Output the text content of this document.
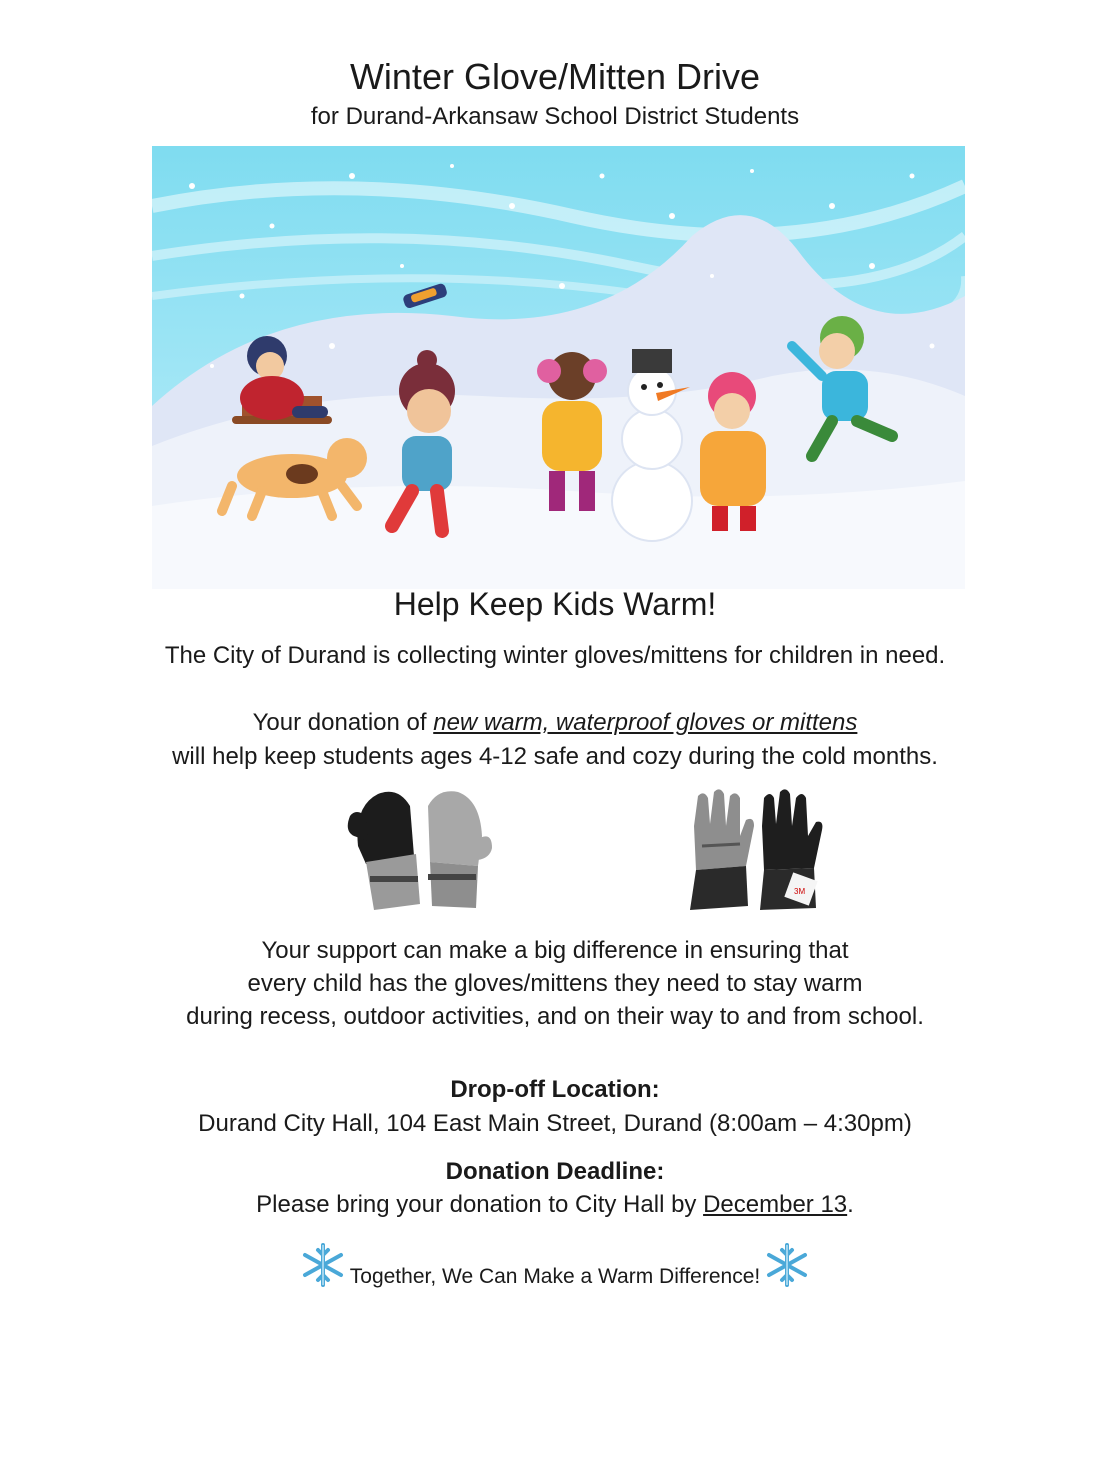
Winter Glove/Mitten Drive
for Durand-Arkansaw School District Students
Help Keep Kids Warm!
The City of Durand is collecting winter gloves/mittens for children in need.
Your donation of new warm, waterproof gloves or mittens
will help keep students ages 4-12 safe and cozy during the cold months.
3M
Your support can make a big difference in ensuring that
every child has the gloves/mittens they need to stay warm
during recess, outdoor activities, and on their way to and from school.
Drop-off Location:
Durand City Hall, 104 East Main Street, Durand (8:00am – 4:30pm)
Donation Deadline:
Please bring your donation to City Hall by December 13.
Together, We Can Make a Warm Difference!
